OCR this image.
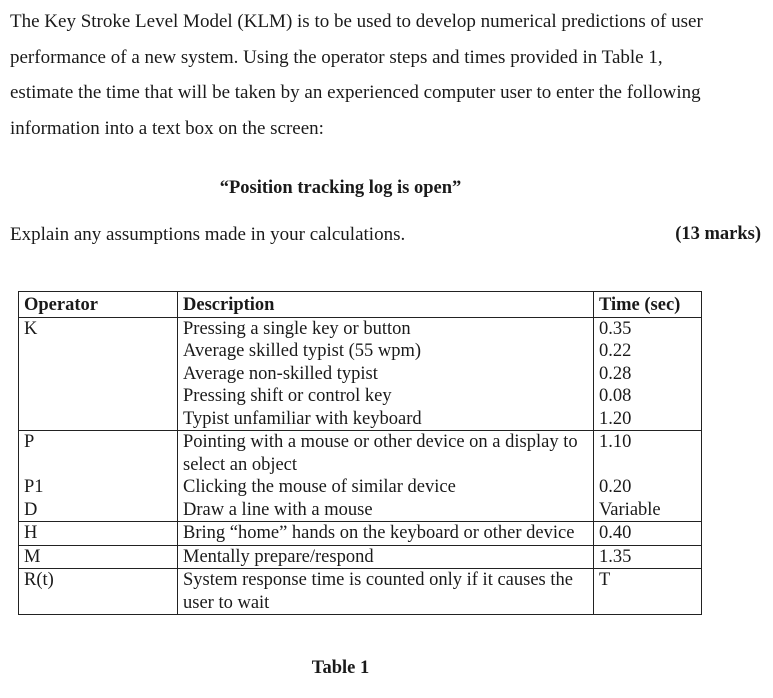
The Key Stroke Level Model (KLM) is to be used to develop numerical predictions of user
performance of a new system. Using the operator steps and times provided in Table 1,
estimate the time that will be taken by an experienced computer user to enter the following
information into a text box on the screen:
“Position tracking log is open”
Explain any assumptions made in your calculations.	(13 marks)
Operator	Description	Time (sec)
K	Pressing a single key or button	0.35
	Average skilled typist (55 wpm)	0.22
	Average non-skilled typist	0.28
	Pressing shift or control key	0.08
	Typist unfamiliar with keyboard	1.20
P	Pointing with a mouse or other device on a display to select an object	1.10
P1	Clicking the mouse of similar device	0.20
D	Draw a line with a mouse	Variable
H	Bring “home” hands on the keyboard or other device	0.40
M	Mentally prepare/respond	1.35
R(t)	System response time is counted only if it causes the user to wait	T
Table 1
